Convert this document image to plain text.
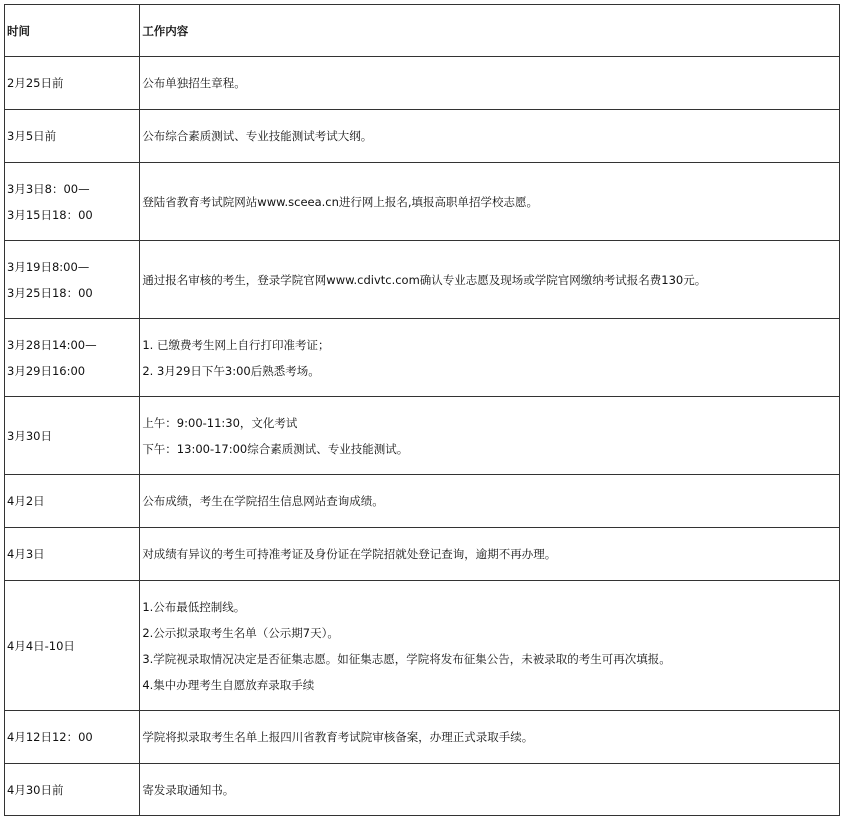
时间	工作内容

2月25日前	公布单独招生章程。

3月5日前	公布综合素质测试、专业技能测试考试大纲。

3月3日8：00—
3月15日18：00	登陆省教育考试院网站www.sceea.cn进行网上报名,填报高职单招学校志愿。

3月19日8:00—
3月25日18：00	通过报名审核的考生，登录学院官网www.cdivtc.com确认专业志愿及现场或学院官网缴纳考试报名费130元。

3月28日14:00—
3月29日16:00	1. 已缴费考生网上自行打印准考证；
2. 3月29日下午3:00后熟悉考场。

3月30日	上午：9:00-11:30，文化考试
下午：13:00-17:00综合素质测试、专业技能测试。

4月2日	公布成绩，考生在学院招生信息网站查询成绩。

4月3日	对成绩有异议的考生可持准考证及身份证在学院招就处登记查询，逾期不再办理。

4月4日-10日	1.公布最低控制线。
2.公示拟录取考生名单（公示期7天）。
3.学院视录取情况决定是否征集志愿。如征集志愿，学院将发布征集公告，未被录取的考生可再次填报。
4.集中办理考生自愿放弃录取手续

4月12日12：00	学院将拟录取考生名单上报四川省教育考试院审核备案，办理正式录取手续。

4月30日前	寄发录取通知书。
